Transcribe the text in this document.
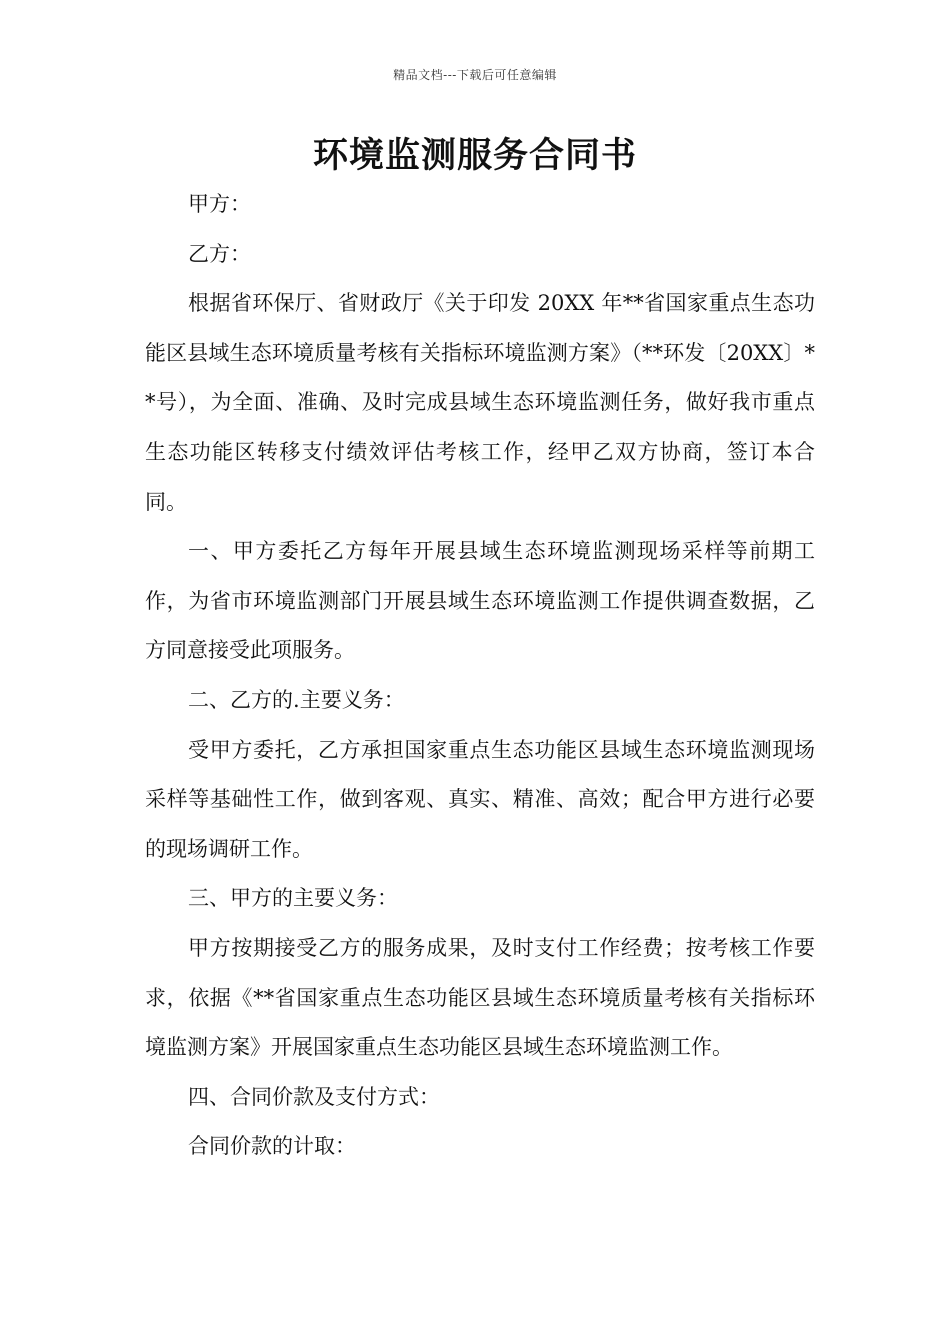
精品文档---下载后可任意编辑
环境监测服务合同书

甲方：

乙方：

根据省环保厅、省财政厅《关于印发 20XX 年**省国家重点生态功能区县域生态环境质量考核有关指标环境监测方案》（**环发〔20XX〕**号），为全面、准确、及时完成县域生态环境监测任务，做好我市重点生态功能区转移支付绩效评估考核工作，经甲乙双方协商，签订本合同。

一、甲方委托乙方每年开展县域生态环境监测现场采样等前期工作，为省市环境监测部门开展县域生态环境监测工作提供调查数据，乙方同意接受此项服务。

二、乙方的.主要义务：

受甲方委托，乙方承担国家重点生态功能区县域生态环境监测现场采样等基础性工作，做到客观、真实、精准、高效；配合甲方进行必要的现场调研工作。

三、甲方的主要义务：

甲方按期接受乙方的服务成果，及时支付工作经费；按考核工作要求，依据《**省国家重点生态功能区县域生态环境质量考核有关指标环境监测方案》开展国家重点生态功能区县域生态环境监测工作。

四、合同价款及支付方式：

合同价款的计取：
